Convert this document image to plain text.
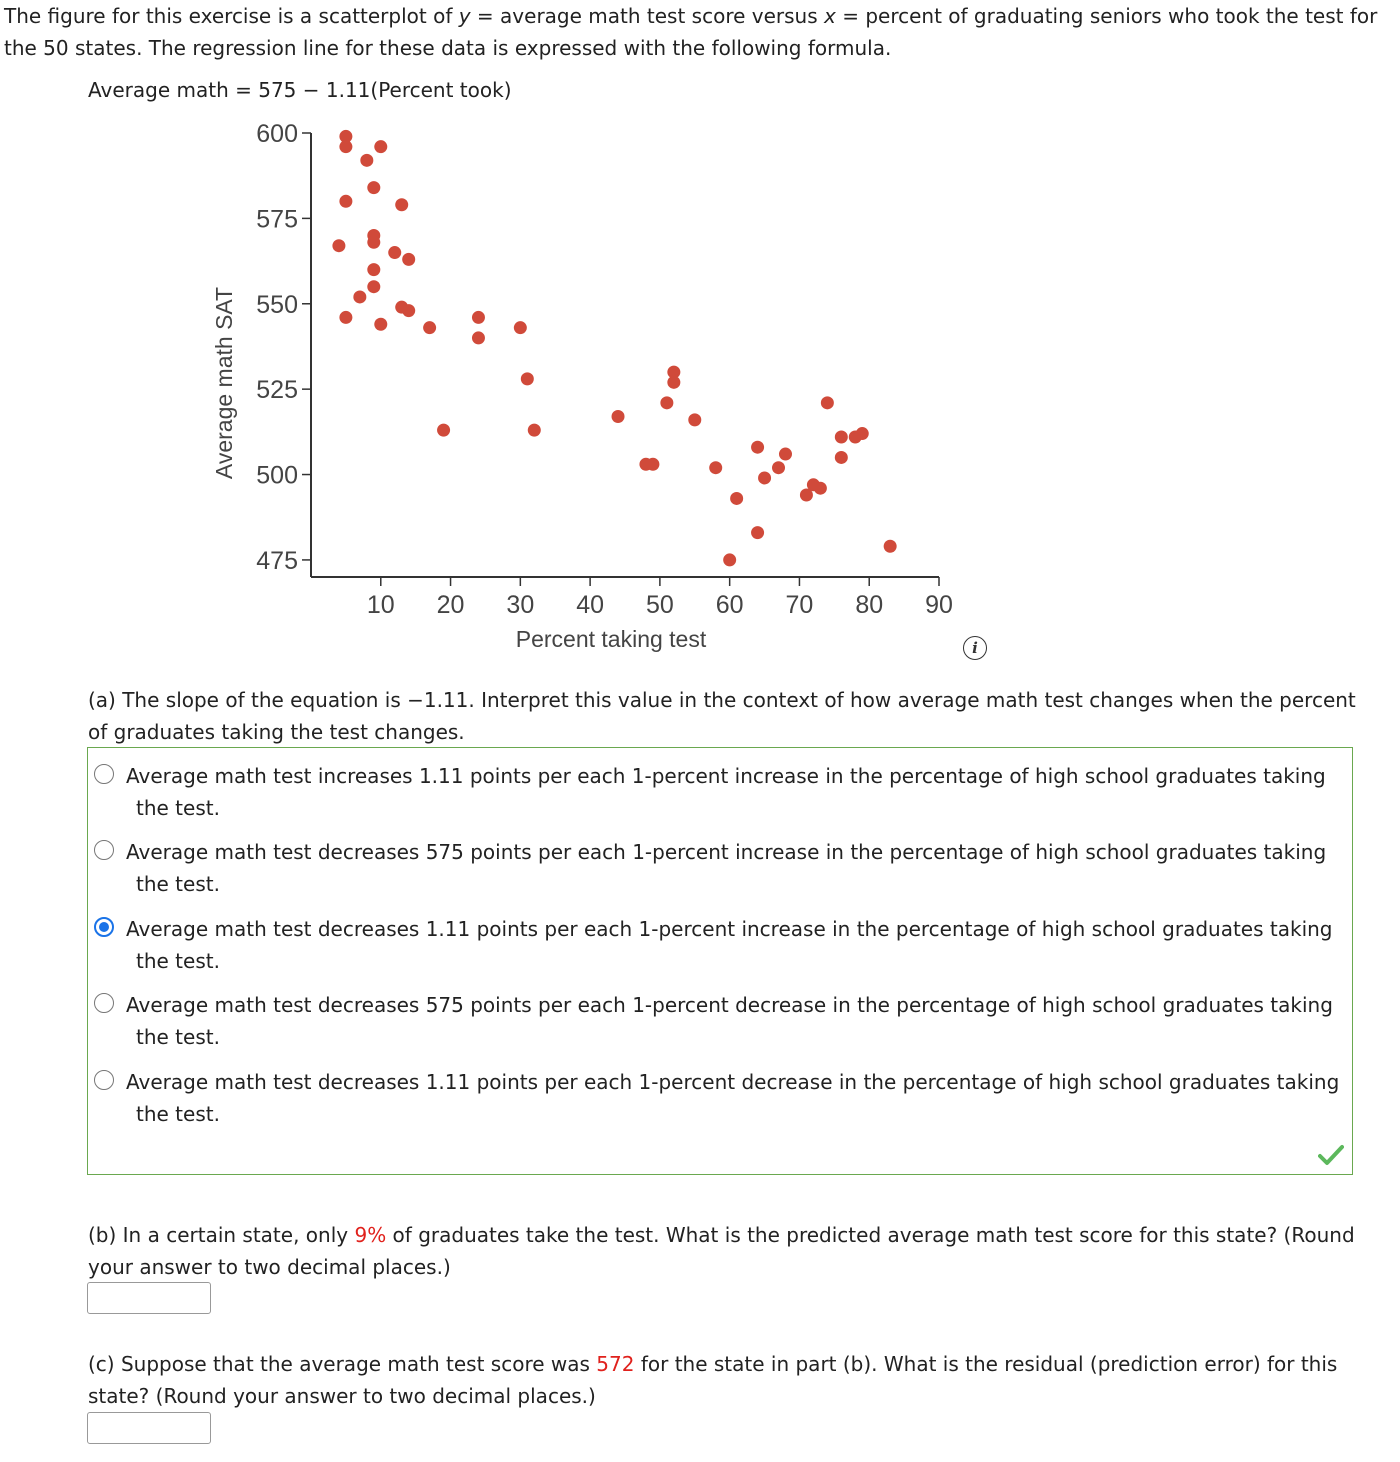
The figure for this exercise is a scatterplot of y = average math test score versus x = percent of graduating seniors who took the test for the 50 states. The regression line for these data is expressed with the following formula.

Average math = 575 − 1.11(Percent took)
475
500
525
550
575
600
10 20 30 40 50 60 70 80 90
Percent taking test
Average math SAT
i

(a) The slope of the equation is −1.11. Interpret this value in the context of how average math test changes when the percent of graduates taking the test changes.

Average math test increases 1.11 points per each 1-percent increase in the percentage of high school graduates taking the test.
Average math test decreases 575 points per each 1-percent increase in the percentage of high school graduates taking the test.
Average math test decreases 1.11 points per each 1-percent increase in the percentage of high school graduates taking the test.
Average math test decreases 575 points per each 1-percent decrease in the percentage of high school graduates taking the test.
Average math test decreases 1.11 points per each 1-percent decrease in the percentage of high school graduates taking the test.

(b) In a certain state, only 9% of graduates take the test. What is the predicted average math test score for this state? (Round your answer to two decimal places.)

(c) Suppose that the average math test score was 572 for the state in part (b). What is the residual (prediction error) for this state? (Round your answer to two decimal places.)
